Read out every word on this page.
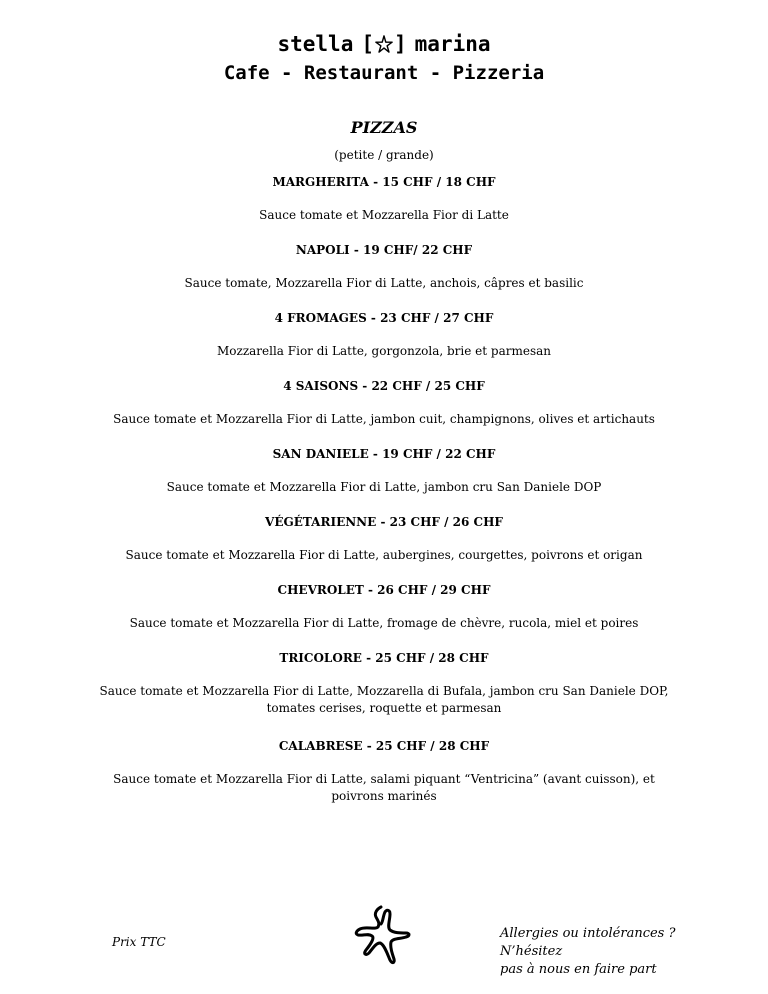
stella [ ] marina
Cafe - Restaurant - Pizzeria
PIZZAS
(petite / grande)
MARGHERITA - 15 CHF / 18 CHF
Sauce tomate et Mozzarella Fior di Latte
NAPOLI - 19 CHF/ 22 CHF
Sauce tomate, Mozzarella Fior di Latte, anchois, câpres et basilic
4 FROMAGES - 23 CHF / 27 CHF
Mozzarella Fior di Latte, gorgonzola, brie et parmesan
4 SAISONS - 22 CHF / 25 CHF
Sauce tomate et Mozzarella Fior di Latte, jambon cuit, champignons, olives et artichauts
SAN DANIELE - 19 CHF / 22 CHF
Sauce tomate et Mozzarella Fior di Latte, jambon cru San Daniele DOP
VÉGÉTARIENNE - 23 CHF / 26 CHF
Sauce tomate et Mozzarella Fior di Latte, aubergines, courgettes, poivrons et origan
CHEVROLET - 26 CHF / 29 CHF
Sauce tomate et Mozzarella Fior di Latte, fromage de chèvre, rucola, miel et poires
TRICOLORE - 25 CHF / 28 CHF
Sauce tomate et Mozzarella Fior di Latte, Mozzarella di Bufala, jambon cru San Daniele DOP,
tomates cerises, roquette et parmesan
CALABRESE - 25 CHF / 28 CHF
Sauce tomate et Mozzarella Fior di Latte, salami piquant “Ventricina” (avant cuisson), et
poivrons marinés
Prix TTC
Allergies ou intolérances ? N’hésitez
pas à nous en faire part
